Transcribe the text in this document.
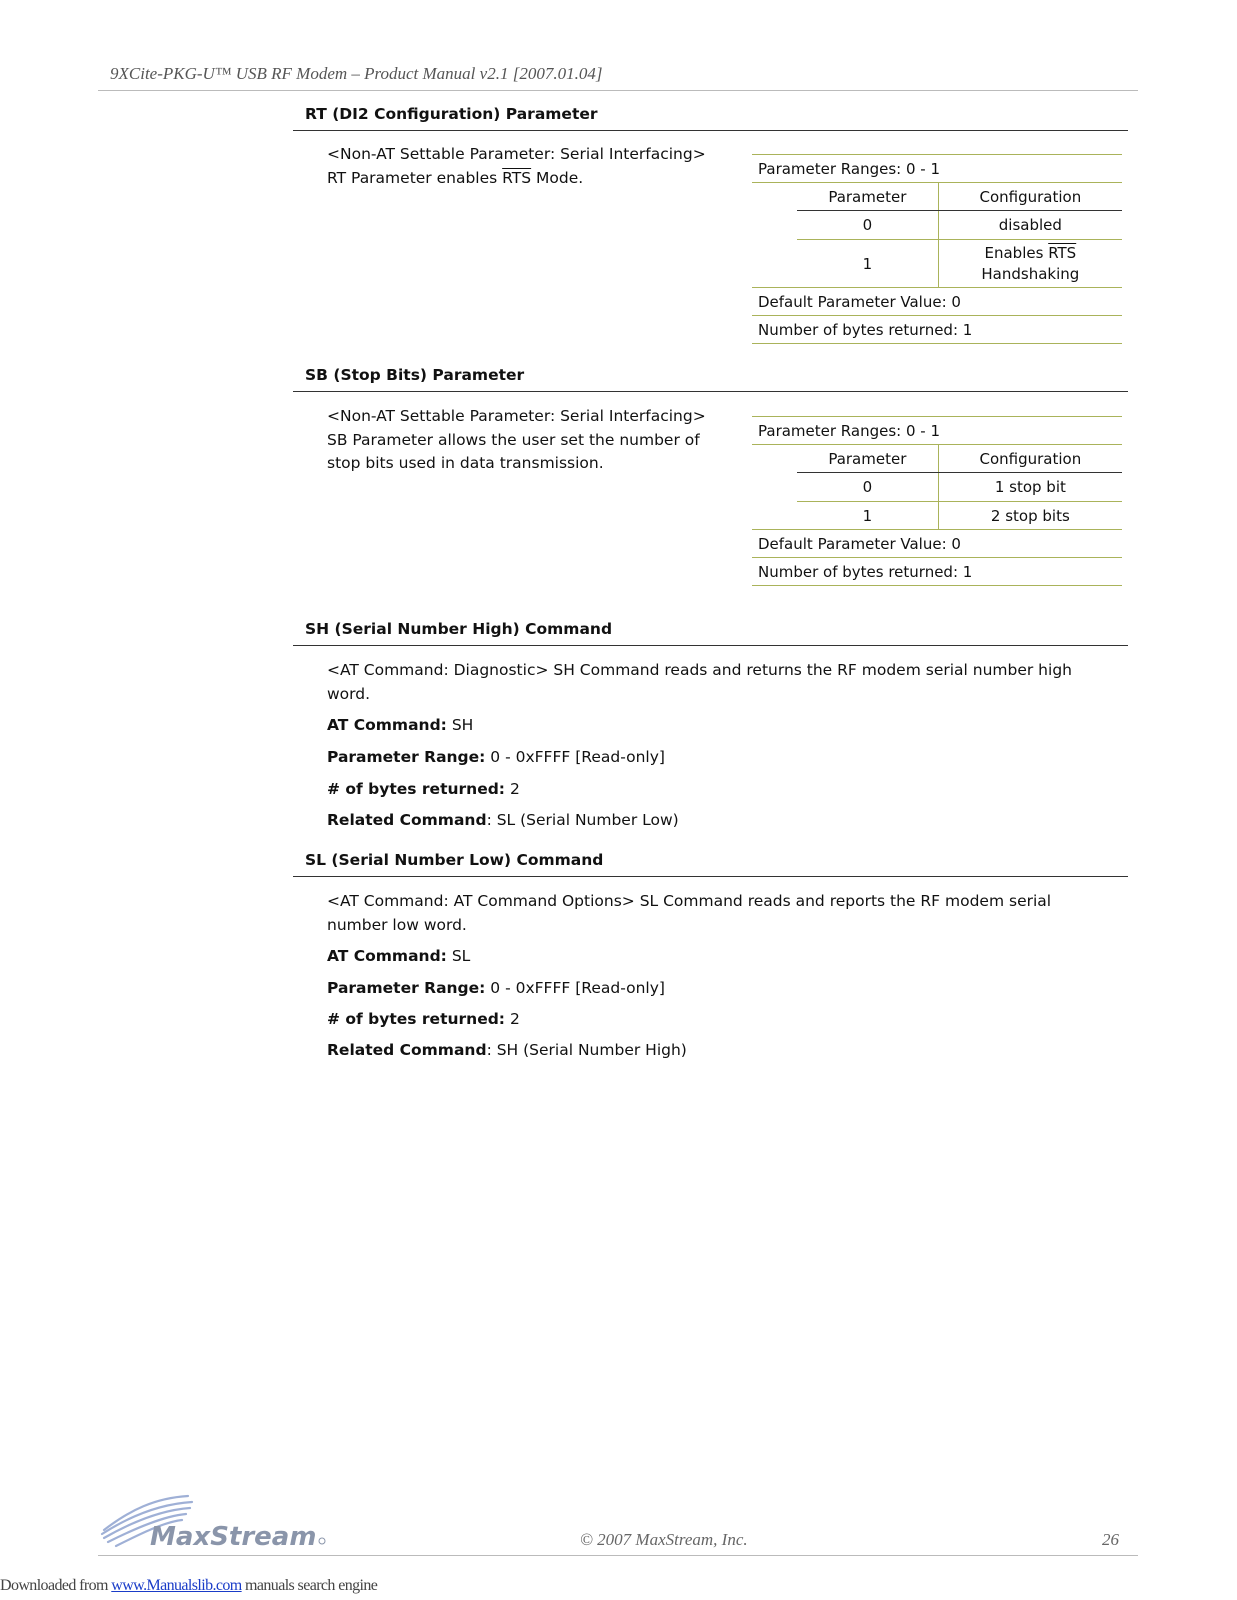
9XCite-PKG-U™ USB RF Modem – Product Manual v2.1 [2007.01.04]
RT (DI2 Configuration) Parameter
<Non-AT Settable Parameter: Serial Interfacing>
RT Parameter enables $\overline{RTS}$ Mode.	Parameter Ranges: 0 - 1		
	Parameter	Configuration
	0	disabled
	1	Enables $\overline{RTS}$
Handshaking
Default Parameter Value: 0		
Number of bytes returned: 1		
SB (Stop Bits) Parameter
<Non-AT Settable Parameter: Serial Interfacing>
SB Parameter allows the user set the number of
stop bits used in data transmission.
Parameter Ranges: 0 - 1		
	Parameter	Configuration
	0	1 stop bit
	1	2 stop bits
Default Parameter Value: 0		
Number of bytes returned: 1		
SH (Serial Number High) Command
<AT Command: Diagnostic> SH Command reads and returns the RF modem serial number high
word.
AT Command: SH
Parameter Range: 0 - 0xFFFF [Read-only]
# of bytes returned: 2
Related Command: SL (Serial Number Low)
SL (Serial Number Low) Command
<AT Command: AT Command Options> SL Command reads and reports the RF modem serial
number low word.
AT Command: SL
Parameter Range: 0 - 0xFFFF [Read-only]
# of bytes returned: 2
Related Command: SH (Serial Number High)
MaxStream	© 2007 MaxStream, Inc.	26
Downloaded from www.Manualslib.com manuals search engine
